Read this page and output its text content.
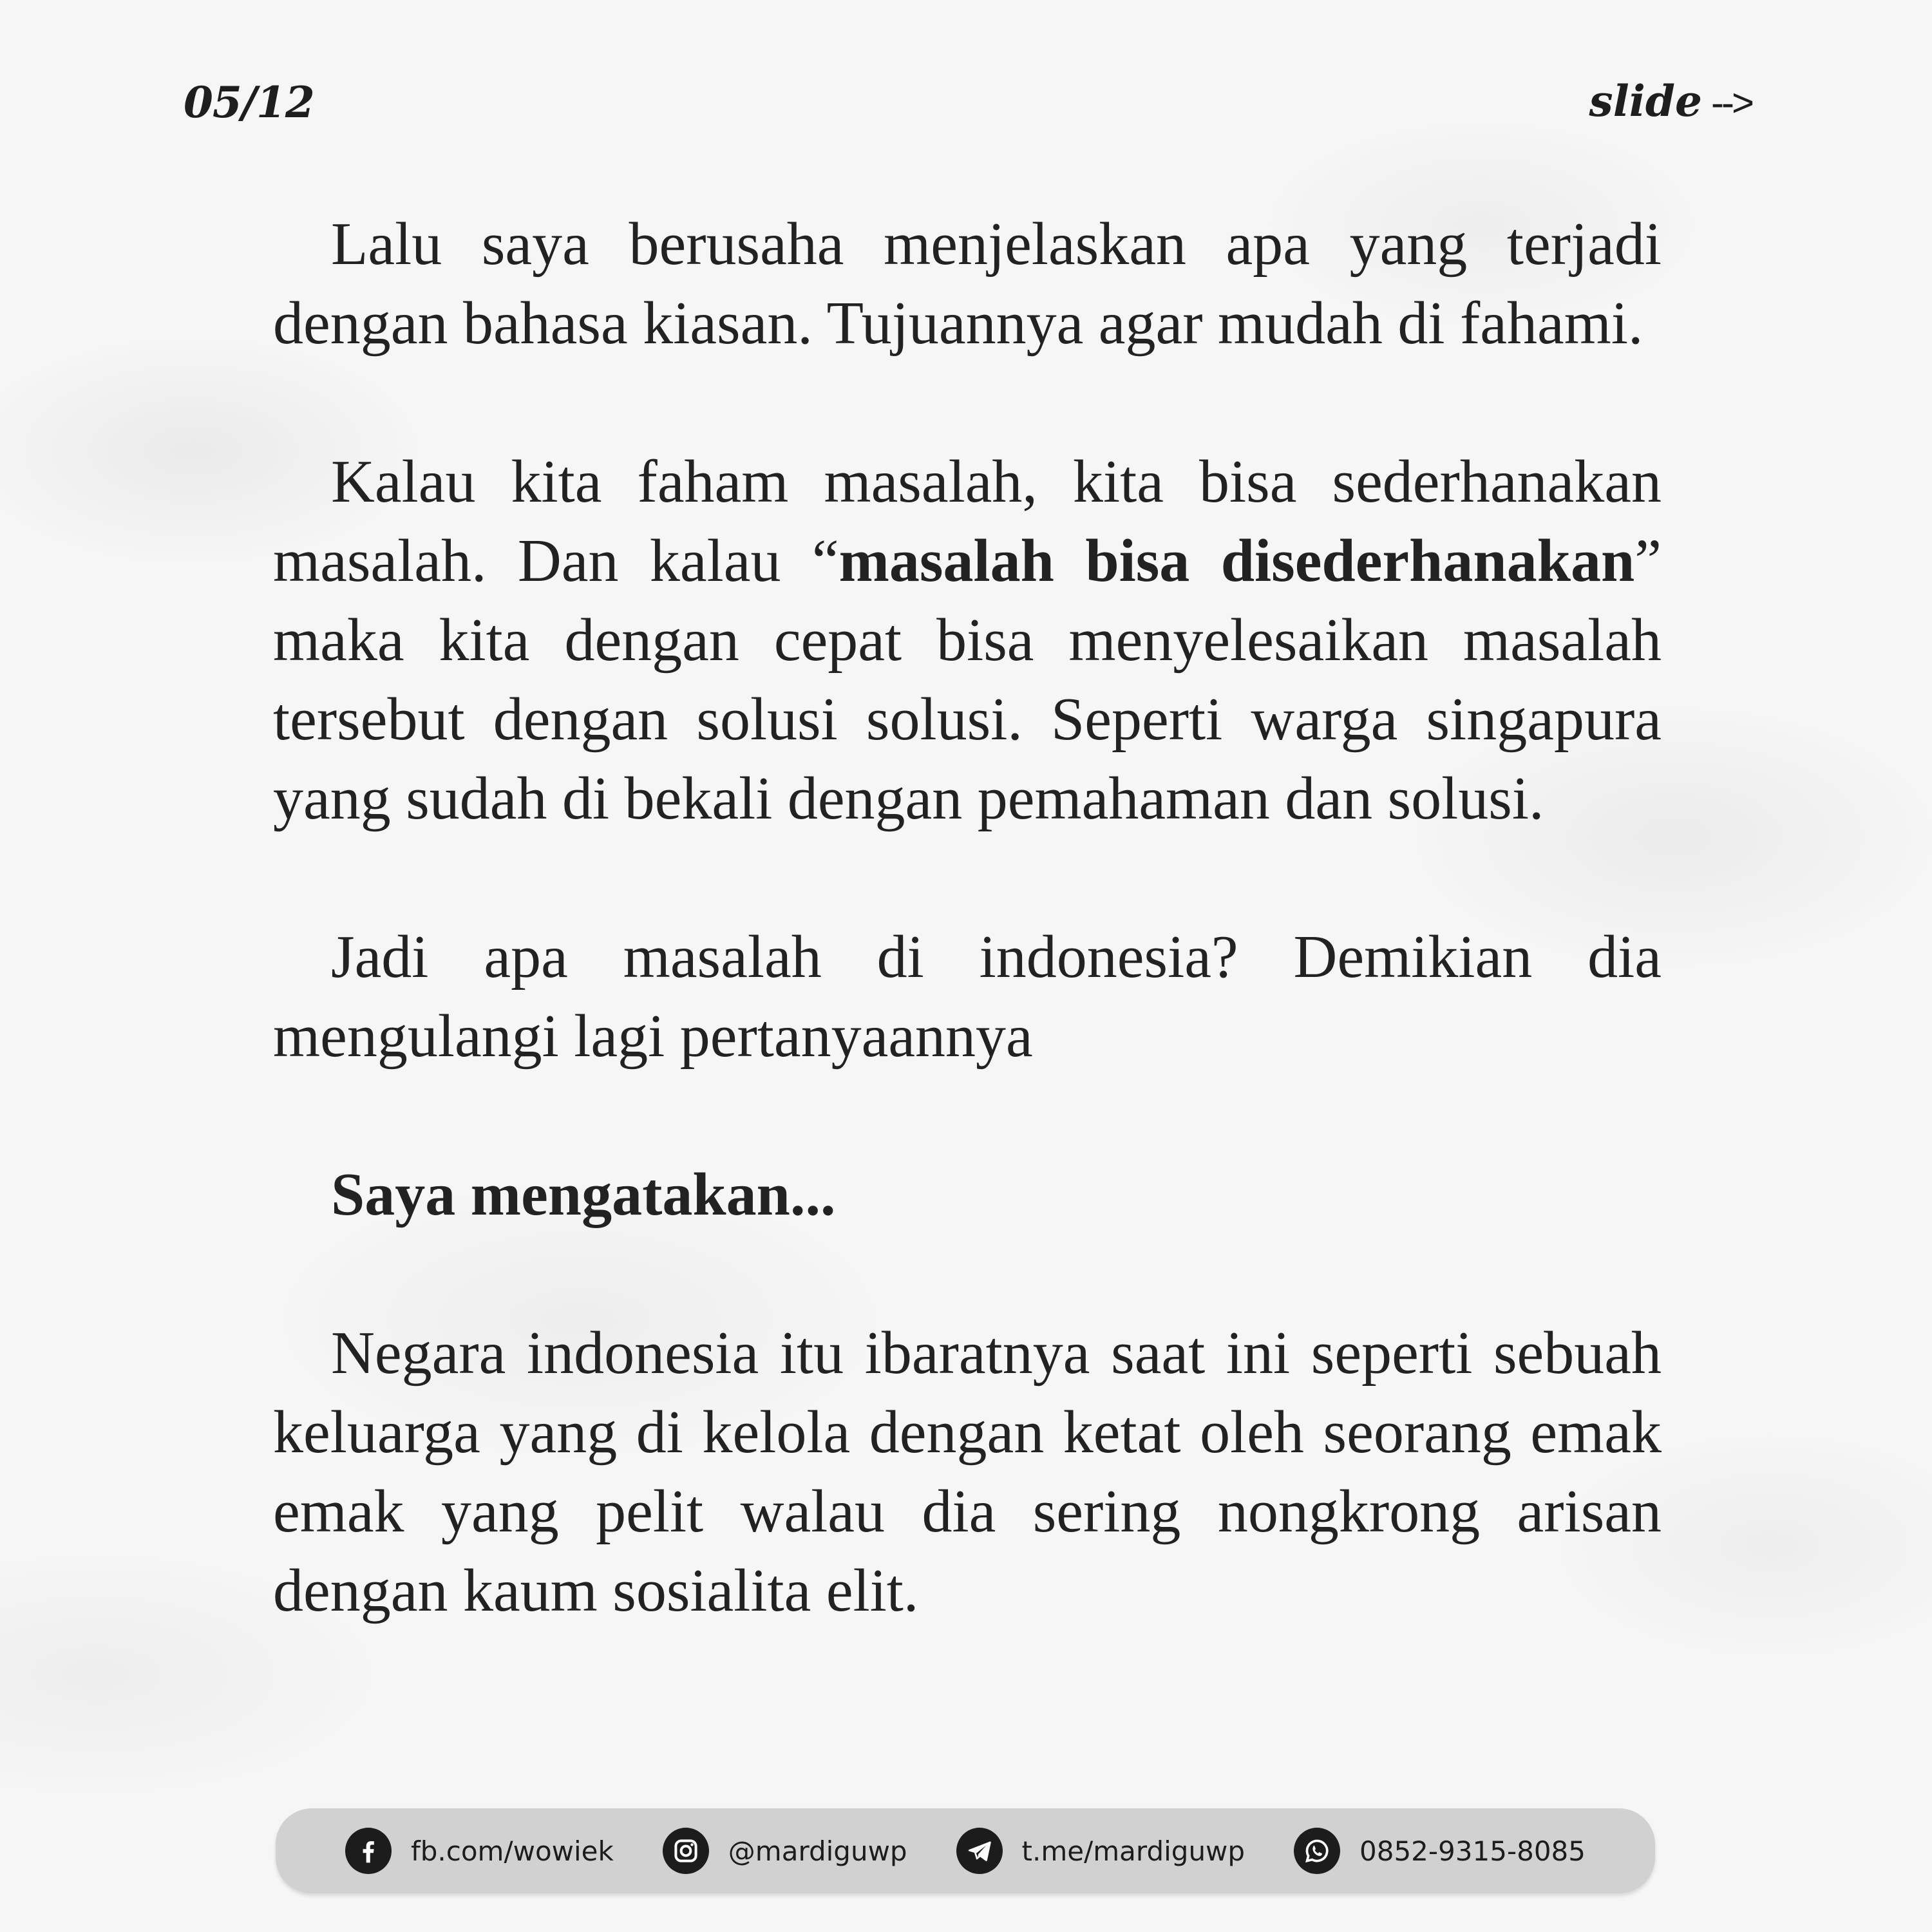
05/12	slide -->

Lalu saya berusaha menjelaskan apa yang terjadi dengan bahasa kiasan. Tujuannya agar mudah di fahami.

Kalau kita faham masalah, kita bisa sederhanakan masalah. Dan kalau “masalah bisa disederhanakan” maka kita dengan cepat bisa menyelesaikan masalah tersebut dengan solusi solusi. Seperti warga singapura yang sudah di bekali dengan pemahaman dan solusi.

Jadi apa masalah di indonesia? Demikian dia mengulangi lagi pertanyaannya

Saya mengatakan...

Negara indonesia itu ibaratnya saat ini seperti sebuah keluarga yang di kelola dengan ketat oleh seorang emak emak yang pelit walau dia sering nongkrong arisan dengan kaum sosialita elit.

fb.com/wowiek	@mardiguwp	t.me/mardiguwp	0852-9315-8085
